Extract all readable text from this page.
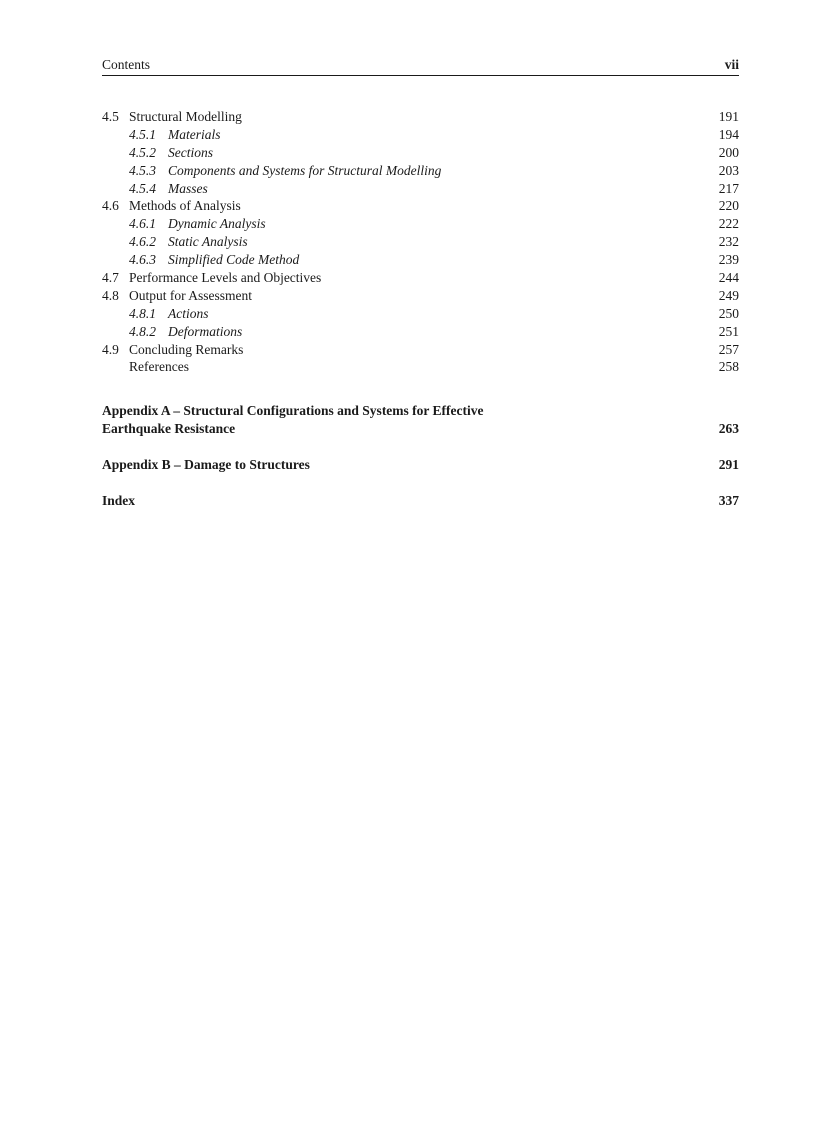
Contents	vii
4.5 Structural Modelling	191
4.5.1 Materials	194
4.5.2 Sections	200
4.5.3 Components and Systems for Structural Modelling	203
4.5.4 Masses	217
4.6 Methods of Analysis	220
4.6.1 Dynamic Analysis	222
4.6.2 Static Analysis	232
4.6.3 Simplified Code Method	239
4.7 Performance Levels and Objectives	244
4.8 Output for Assessment	249
4.8.1 Actions	250
4.8.2 Deformations	251
4.9 Concluding Remarks	257
References	258
Appendix A – Structural Configurations and Systems for Effective
Earthquake Resistance	263
Appendix B – Damage to Structures	291
Index	337
